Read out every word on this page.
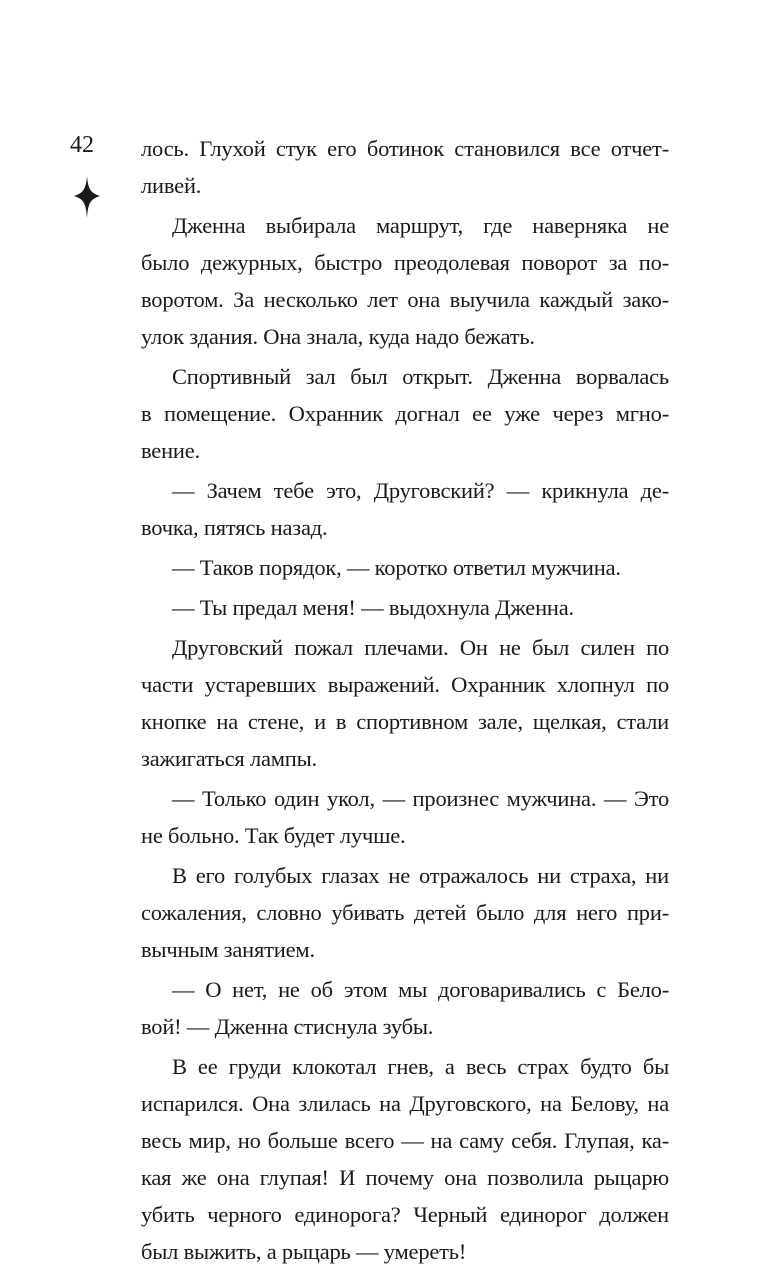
42 лось. Глухой стук его ботинок становился все отчет-
ливей.
Дженна выбирала маршрут, где наверняка не
было дежурных, быстро преодолевая поворот за по-
воротом. За несколько лет она выучила каждый зако-
улок здания. Она знала, куда надо бежать.
Спортивный зал был открыт. Дженна ворвалась
в помещение. Охранник догнал ее уже через мгно-
вение.
— Зачем тебе это, Друговский? — крикнула де-
вочка, пятясь назад.
— Таков порядок, — коротко ответил мужчина.
— Ты предал меня! — выдохнула Дженна.
Друговский пожал плечами. Он не был силен по
части устаревших выражений. Охранник хлопнул по
кнопке на стене, и в спортивном зале, щелкая, стали
зажигаться лампы.
— Только один укол, — произнес мужчина. — Это
не больно. Так будет лучше.
В его голубых глазах не отражалось ни страха, ни
сожаления, словно убивать детей было для него при-
вычным занятием.
— О нет, не об этом мы договаривались с Бело-
вой! — Дженна стиснула зубы.
В ее груди клокотал гнев, а весь страх будто бы
испарился. Она злилась на Друговского, на Белову, на
весь мир, но больше всего — на саму себя. Глупая, ка-
кая же она глупая! И почему она позволила рыцарю
убить черного единорога? Черный единорог должен
был выжить, а рыцарь — умереть!
